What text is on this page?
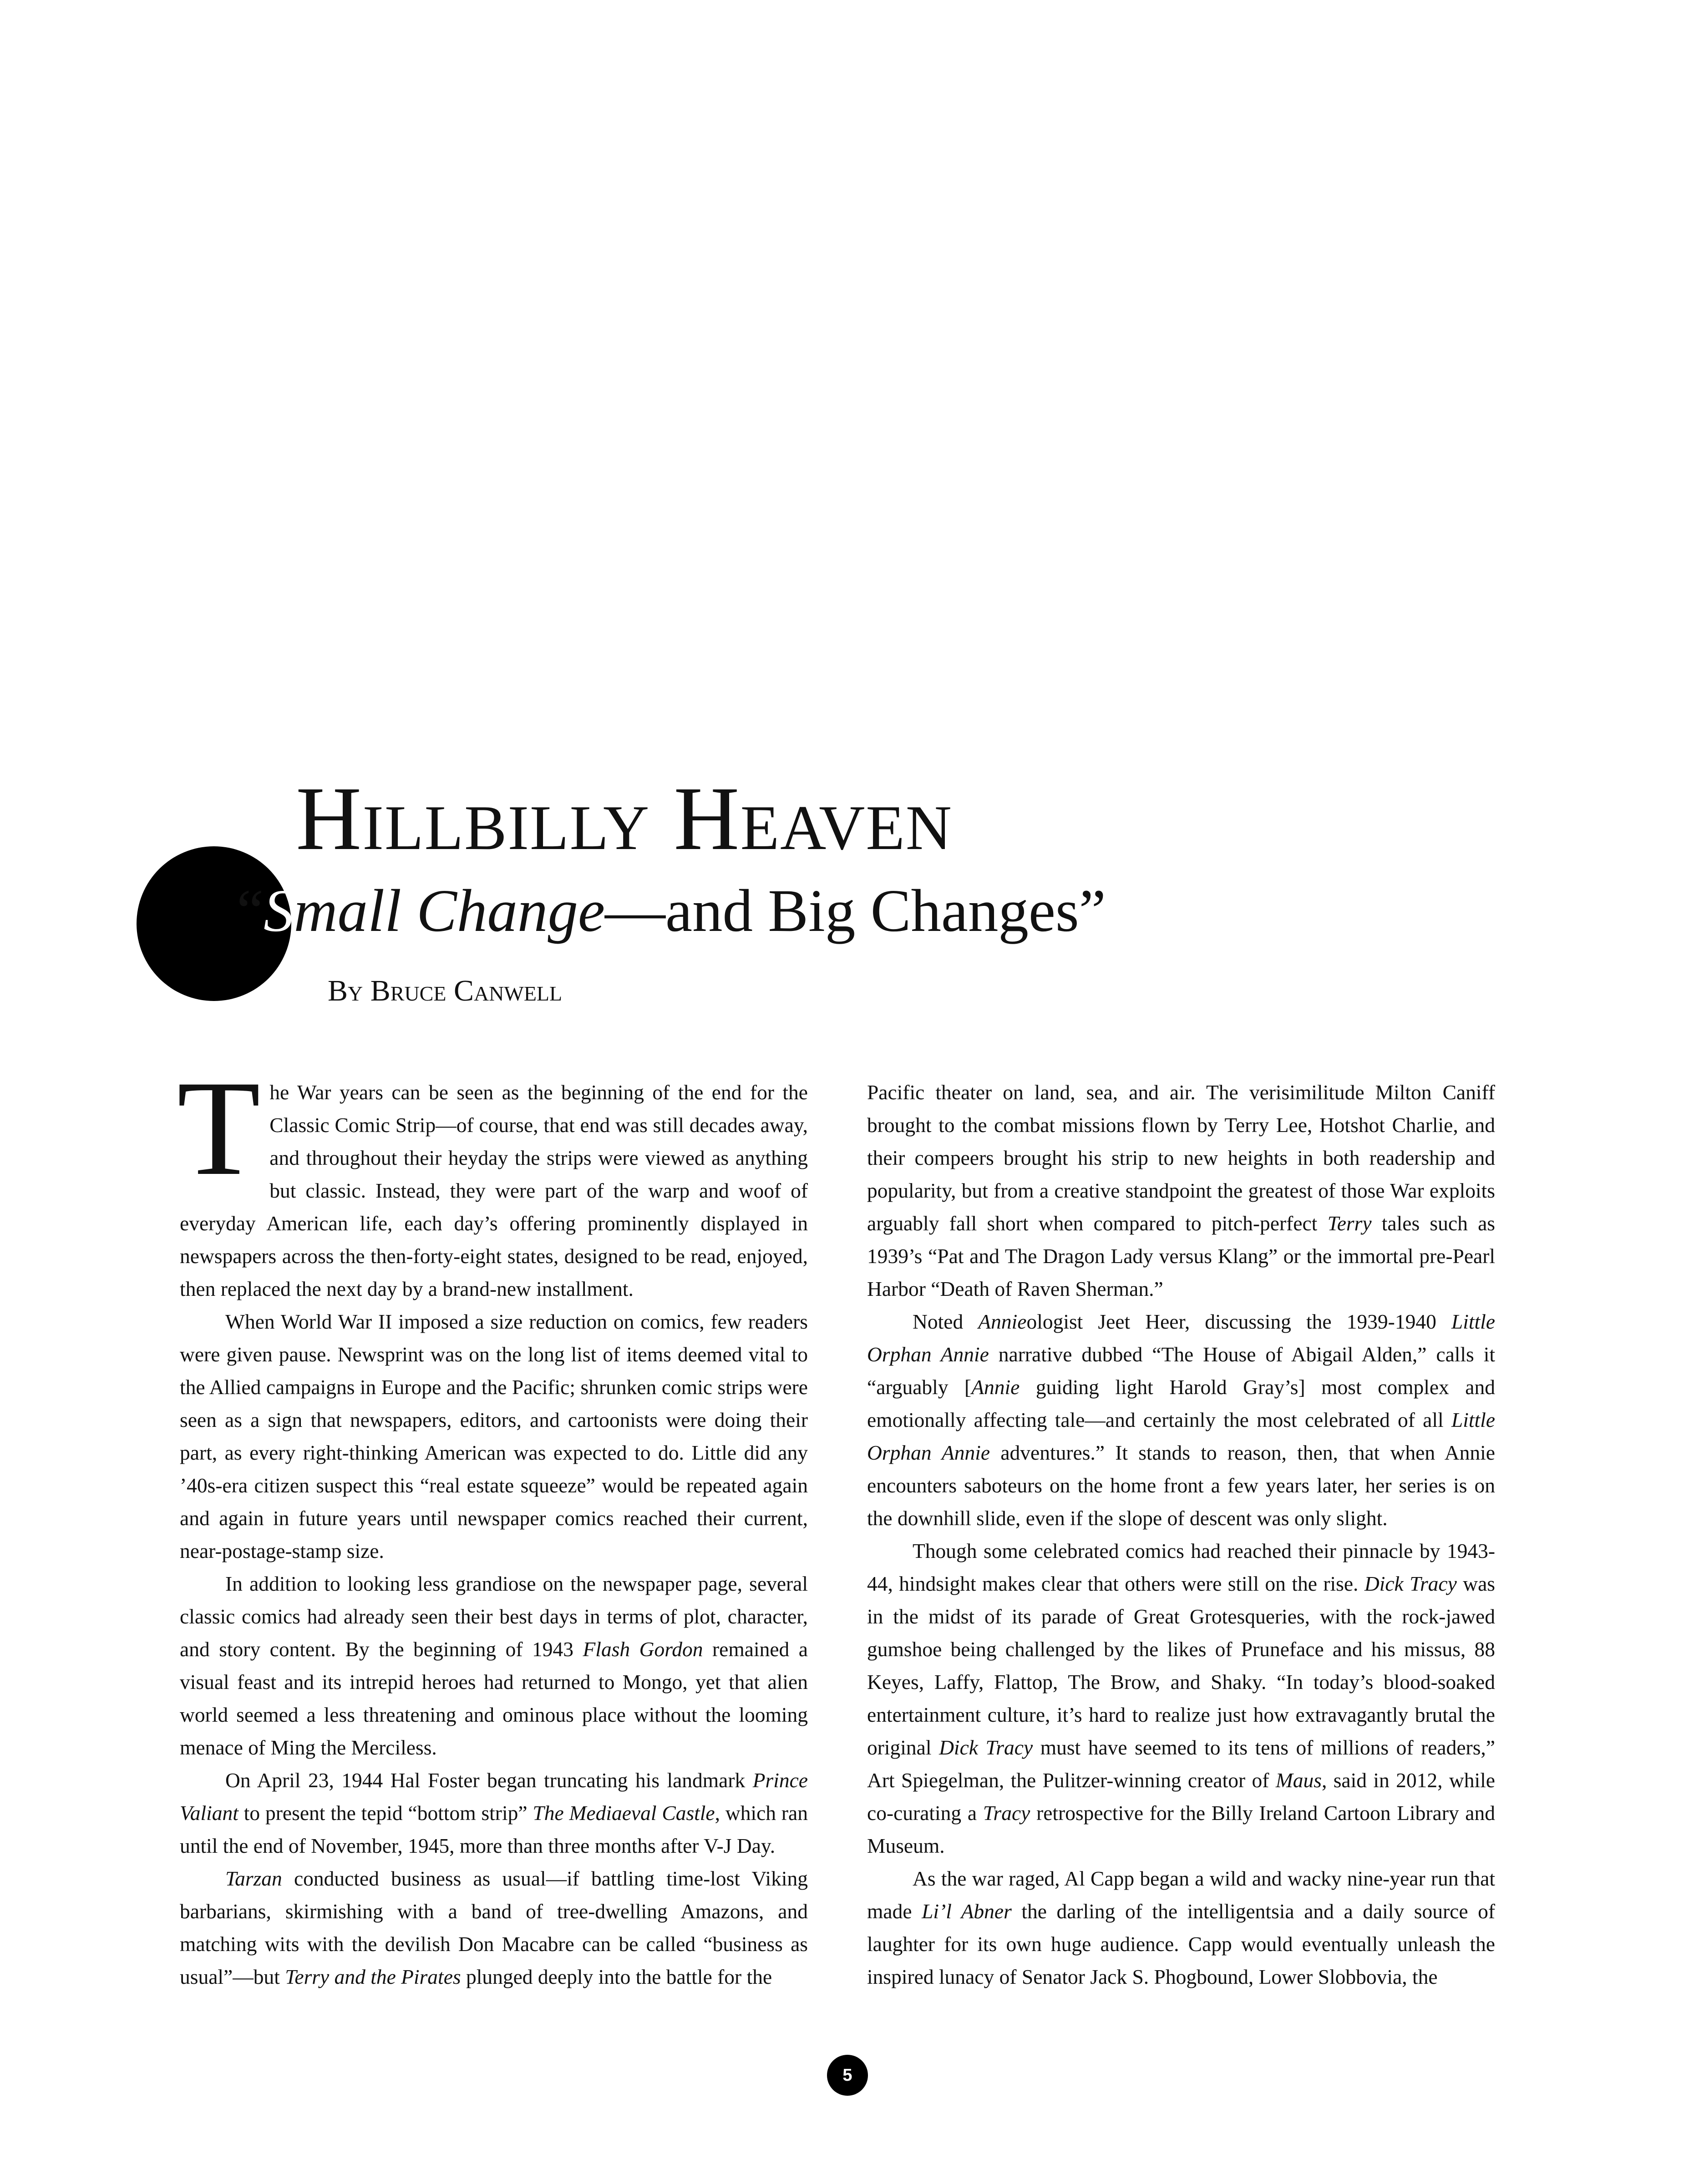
Hillbilly Heaven
“Small Change—and Big Changes”
By Bruce Canwell

The War years can be seen as the beginning of the end for the Classic Comic Strip—of course, that end was still decades away, and throughout their heyday the strips were viewed as anything but classic. Instead, they were part of the warp and woof of everyday American life, each day’s offering prominently displayed in newspapers across the then-forty-eight states, designed to be read, enjoyed, then replaced the next day by a brand-new installment.

When World War II imposed a size reduction on comics, few readers were given pause. Newsprint was on the long list of items deemed vital to the Allied campaigns in Europe and the Pacific; shrunken comic strips were seen as a sign that newspapers, editors, and cartoonists were doing their part, as every right-thinking American was expected to do. Little did any ’40s-era citizen suspect this “real estate squeeze” would be repeated again and again in future years until newspaper comics reached their current, near-postage-stamp size.

In addition to looking less grandiose on the newspaper page, several classic comics had already seen their best days in terms of plot, character, and story content. By the beginning of 1943 Flash Gordon remained a visual feast and its intrepid heroes had returned to Mongo, yet that alien world seemed a less threatening and ominous place without the looming menace of Ming the Merciless.

On April 23, 1944 Hal Foster began truncating his landmark Prince Valiant to present the tepid “bottom strip” The Mediaeval Castle, which ran until the end of November, 1945, more than three months after V-J Day.

Tarzan conducted business as usual—if battling time-lost Viking barbarians, skirmishing with a band of tree-dwelling Amazons, and matching wits with the devilish Don Macabre can be called “business as usual”—but Terry and the Pirates plunged deeply into the battle for the

Pacific theater on land, sea, and air. The verisimilitude Milton Caniff brought to the combat missions flown by Terry Lee, Hotshot Charlie, and their compeers brought his strip to new heights in both readership and popularity, but from a creative standpoint the greatest of those War exploits arguably fall short when compared to pitch-perfect Terry tales such as 1939’s “Pat and The Dragon Lady versus Klang” or the immortal pre-Pearl Harbor “Death of Raven Sherman.”

Noted Annieologist Jeet Heer, discussing the 1939-1940 Little Orphan Annie narrative dubbed “The House of Abigail Alden,” calls it “arguably [Annie guiding light Harold Gray’s] most complex and emotionally affecting tale—and certainly the most celebrated of all Little Orphan Annie adventures.” It stands to reason, then, that when Annie encounters saboteurs on the home front a few years later, her series is on the downhill slide, even if the slope of descent was only slight.

Though some celebrated comics had reached their pinnacle by 1943-44, hindsight makes clear that others were still on the rise. Dick Tracy was in the midst of its parade of Great Grotesqueries, with the rock-jawed gumshoe being challenged by the likes of Pruneface and his missus, 88 Keyes, Laffy, Flattop, The Brow, and Shaky. “In today’s blood-soaked entertainment culture, it’s hard to realize just how extravagantly brutal the original Dick Tracy must have seemed to its tens of millions of readers,” Art Spiegelman, the Pulitzer-winning creator of Maus, said in 2012, while co-curating a Tracy retrospective for the Billy Ireland Cartoon Library and Museum.

As the war raged, Al Capp began a wild and wacky nine-year run that made Li’l Abner the darling of the intelligentsia and a daily source of laughter for its own huge audience. Capp would eventually unleash the inspired lunacy of Senator Jack S. Phogbound, Lower Slobbovia, the

5
